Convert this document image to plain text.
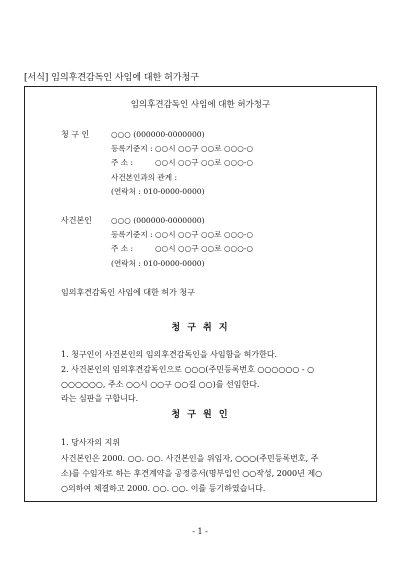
[서식] 임의후견감독인 사임에 대한 허가청구
임의후견감독인 사임에 대한 허가청구
청 구 인	○○○ (000000-0000000)
등록기준지 : ○○시 ○○구 ○○로 ○○○-○
주 소 :	○○시 ○○구 ○○로 ○○○-○
사건본인과의 관계 :
(연락처 : 010-0000-0000)
사건본인	○○○ (000000-0000000)
등록기준지 : ○○시 ○○구 ○○로 ○○○-○
주 소 :	○○시 ○○구 ○○로 ○○○-○
(연락처 : 010-0000-0000)
임의후견감독인 사임에 대한 허가 청구
청 구 취 지
1. 청구인이 사건본인의 임의후견감독인을 사임함을 허가한다.
2. 사건본인의 임의후견감독인으로 ○○○(주민등록번호 ○○○○○○ - ○
○○○○○○, 주소 ○○시 ○○구 ○○길 ○○)를 선임한다.
라는 심판을 구합니다.
청 구 원 인
1. 당사자의 지위
사건본인은 2000. ○○. ○○. 사건본인을 위임자, ○○○(주민등록번호, 주
소)를 수임자로 하는 후견계약을 공정증서(명부입인 ○○작성, 2000년 제○
○의하여 체결하고 2000. ○○. ○○. 이를 등기하였습니다.
- 1 -
